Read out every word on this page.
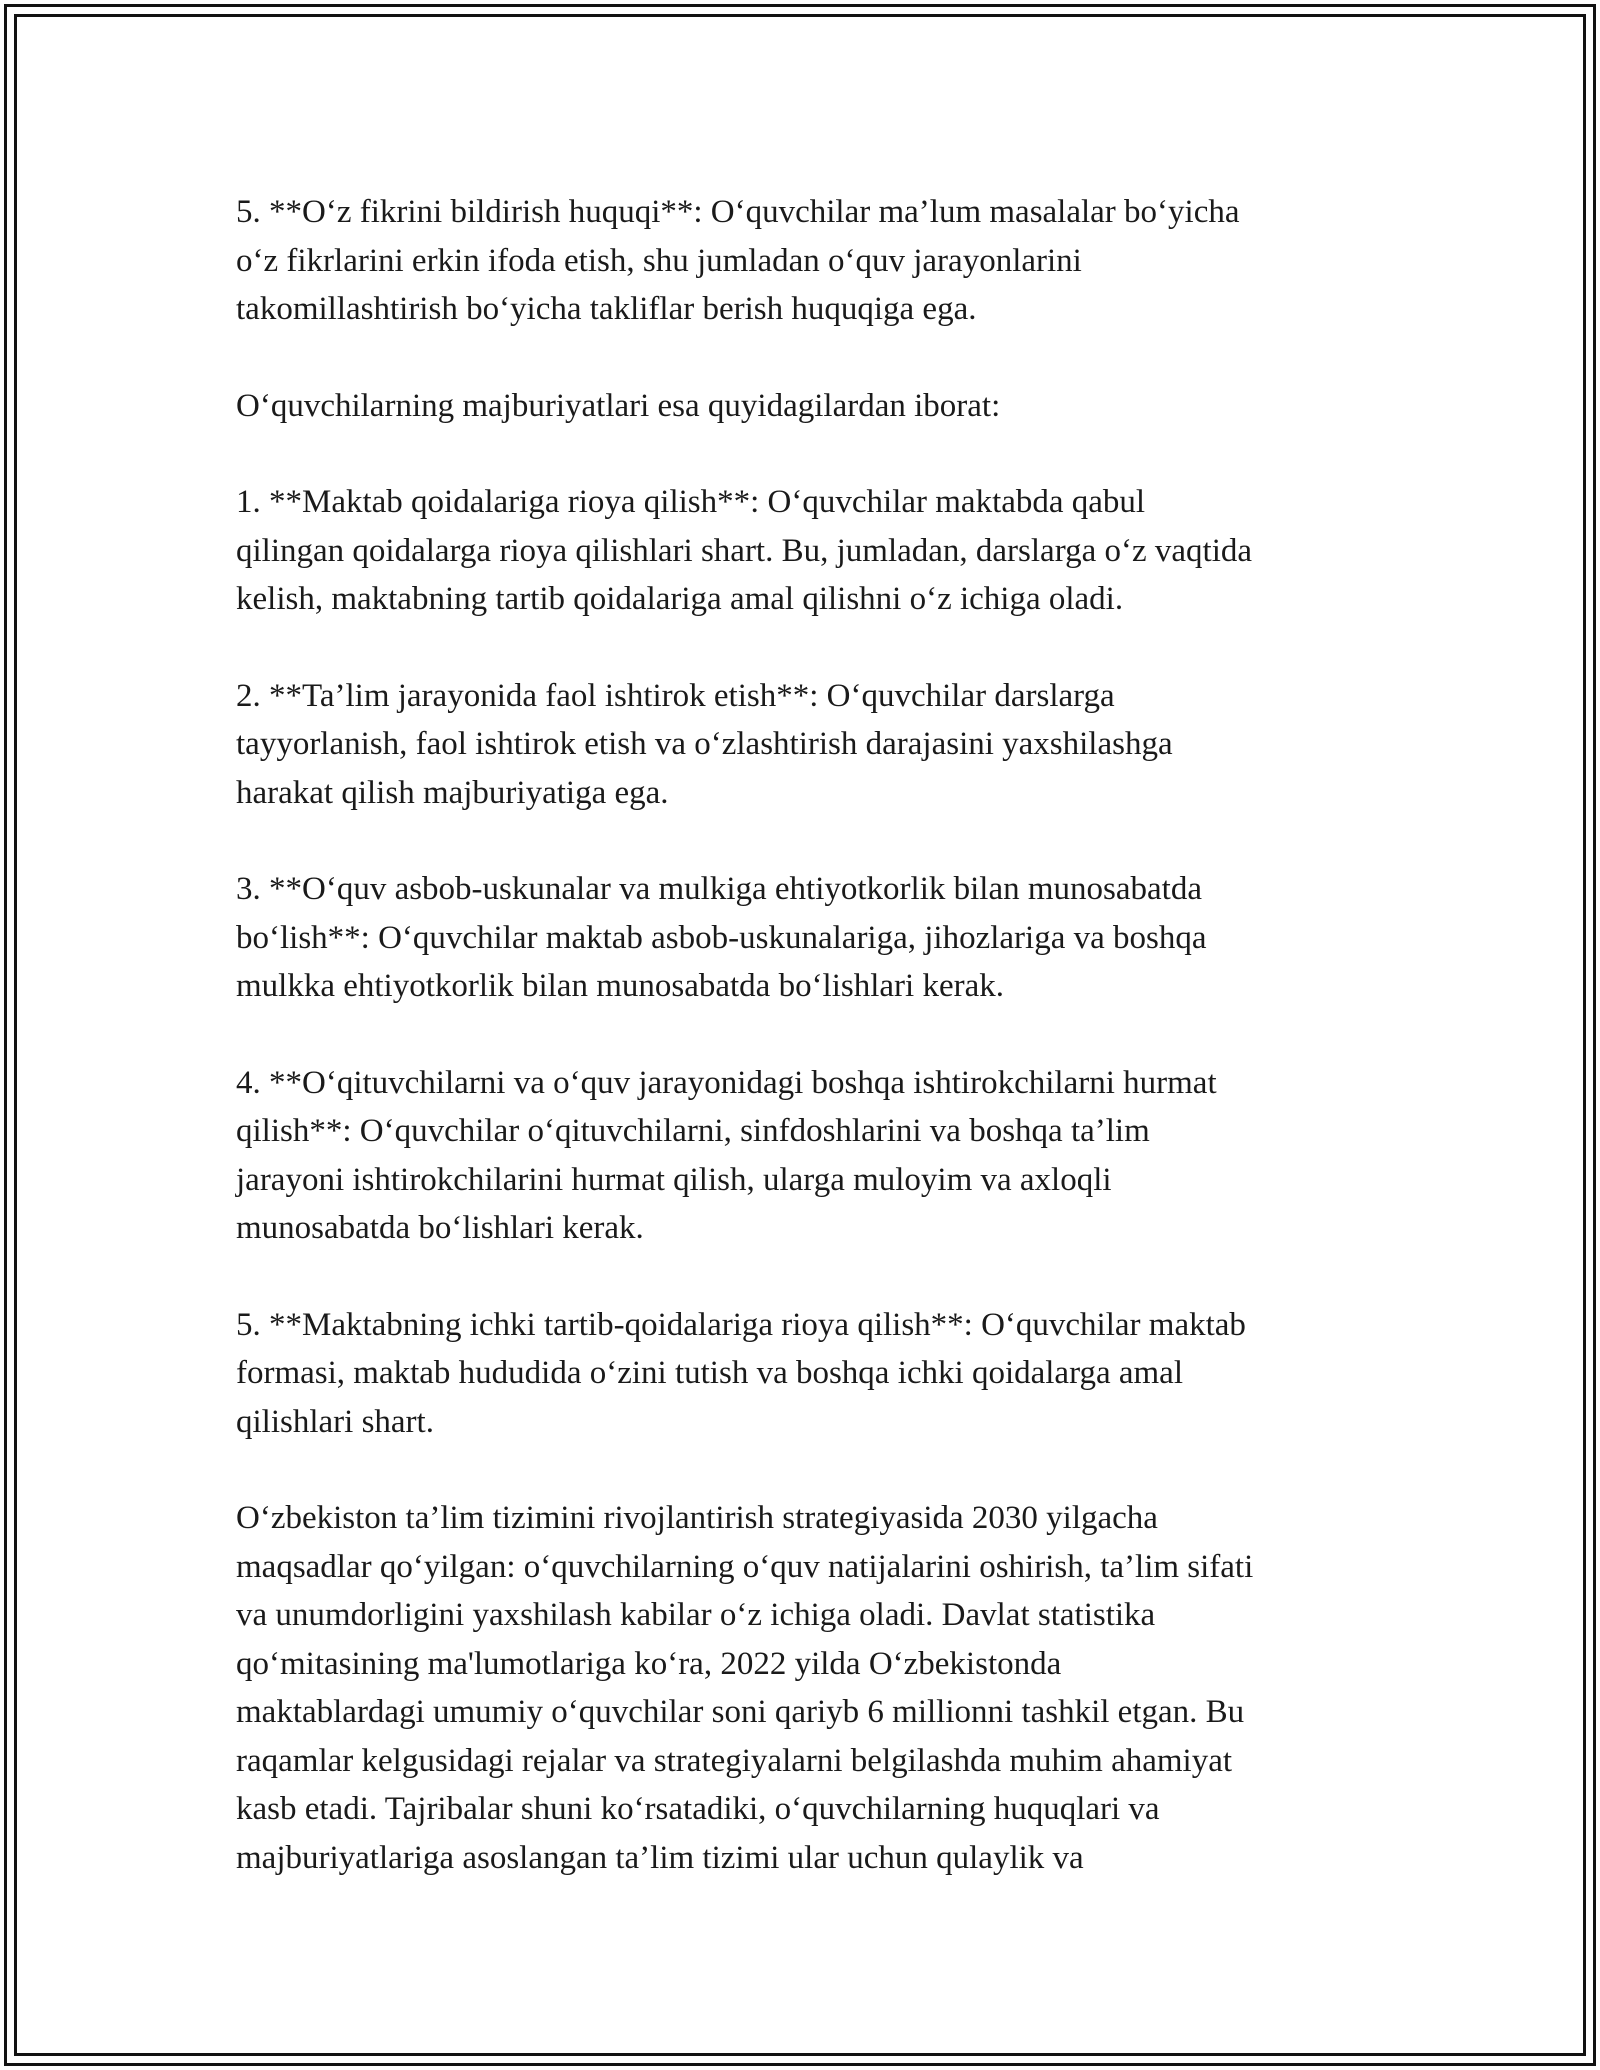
5. **O‘z fikrini bildirish huquqi**: O‘quvchilar ma’lum masalalar bo‘yicha
o‘z fikrlarini erkin ifoda etish, shu jumladan o‘quv jarayonlarini
takomillashtirish bo‘yicha takliflar berish huquqiga ega.

O‘quvchilarning majburiyatlari esa quyidagilardan iborat:

1. **Maktab qoidalariga rioya qilish**: O‘quvchilar maktabda qabul
qilingan qoidalarga rioya qilishlari shart. Bu, jumladan, darslarga o‘z vaqtida
kelish, maktabning tartib qoidalariga amal qilishni o‘z ichiga oladi.

2. **Ta’lim jarayonida faol ishtirok etish**: O‘quvchilar darslarga
tayyorlanish, faol ishtirok etish va o‘zlashtirish darajasini yaxshilashga
harakat qilish majburiyatiga ega.

3. **O‘quv asbob-uskunalar va mulkiga ehtiyotkorlik bilan munosabatda
bo‘lish**: O‘quvchilar maktab asbob-uskunalariga, jihozlariga va boshqa
mulkka ehtiyotkorlik bilan munosabatda bo‘lishlari kerak.

4. **O‘qituvchilarni va o‘quv jarayonidagi boshqa ishtirokchilarni hurmat
qilish**: O‘quvchilar o‘qituvchilarni, sinfdoshlarini va boshqa ta’lim
jarayoni ishtirokchilarini hurmat qilish, ularga muloyim va axloqli
munosabatda bo‘lishlari kerak.

5. **Maktabning ichki tartib-qoidalariga rioya qilish**: O‘quvchilar maktab
formasi, maktab hududida o‘zini tutish va boshqa ichki qoidalarga amal
qilishlari shart.

O‘zbekiston ta’lim tizimini rivojlantirish strategiyasida 2030 yilgacha
maqsadlar qo‘yilgan: o‘quvchilarning o‘quv natijalarini oshirish, ta’lim sifati
va unumdorligini yaxshilash kabilar o‘z ichiga oladi. Davlat statistika
qo‘mitasining ma'lumotlariga ko‘ra, 2022 yilda O‘zbekistonda
maktablardagi umumiy o‘quvchilar soni qariyb 6 millionni tashkil etgan. Bu
raqamlar kelgusidagi rejalar va strategiyalarni belgilashda muhim ahamiyat
kasb etadi. Tajribalar shuni ko‘rsatadiki, o‘quvchilarning huquqlari va
majburiyatlariga asoslangan ta’lim tizimi ular uchun qulaylik va
